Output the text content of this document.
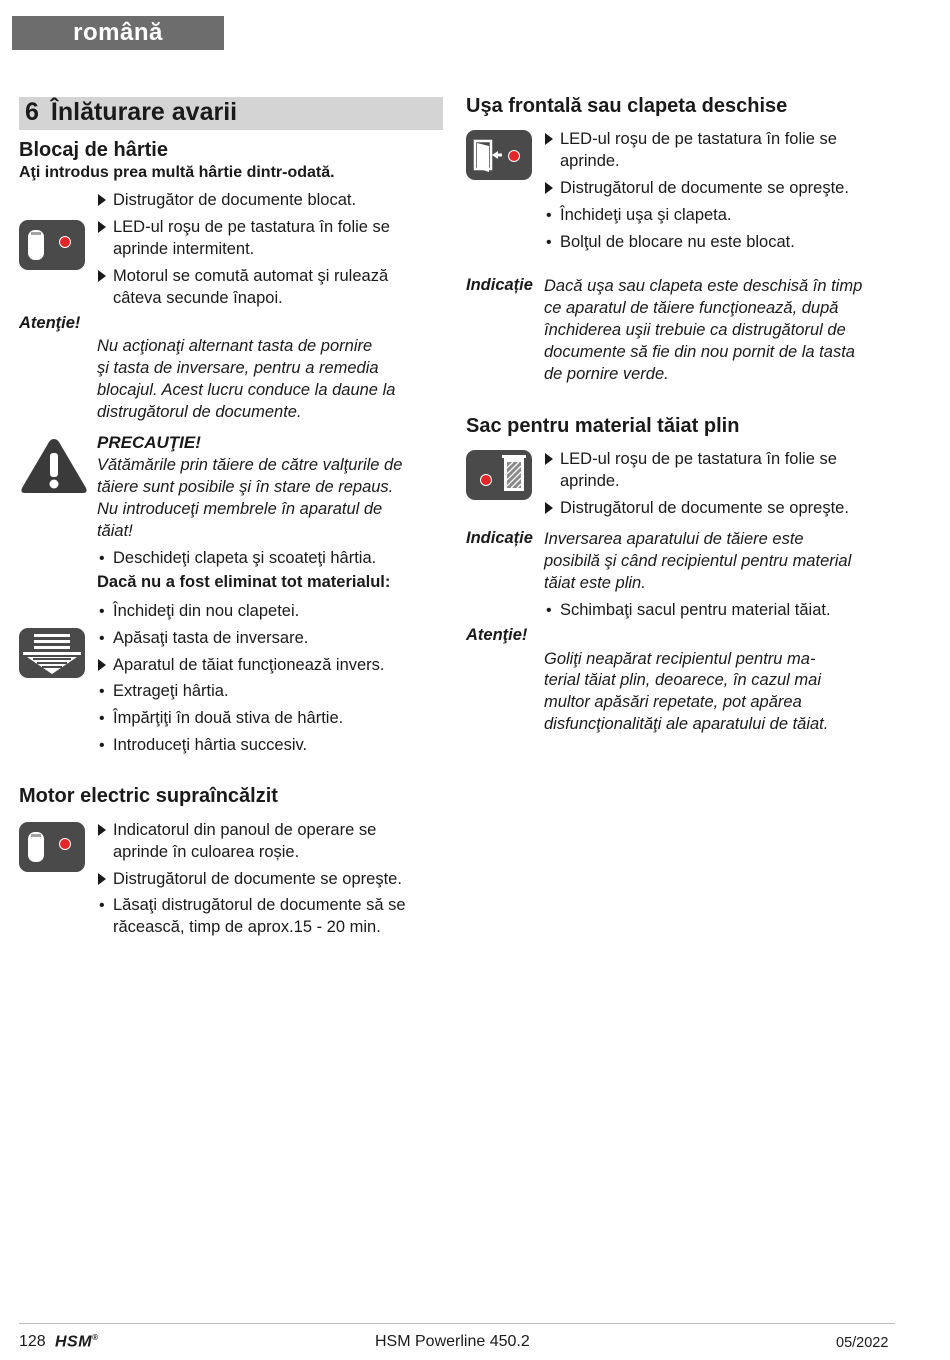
română
6 Înlăturare avarii
Blocaj de hârtie
Aţi introdus prea multă hârtie dintr-odată.
Distrugător de documente blocat.
LED-ul roşu de pe tastatura în folie se
aprinde intermitent.
Motorul se comută automat şi rulează
câteva secunde înapoi.
Atenţie!
Nu acţionaţi alternant tasta de pornire
şi tasta de inversare, pentru a remedia
blocajul. Acest lucru conduce la daune la
distrugătorul de documente.
PRECAUŢIE!
Vătămările prin tăiere de către valţurile de
tăiere sunt posibile şi în stare de repaus.
Nu introduceţi membrele în aparatul de
tăiat!
• Deschideţi clapeta şi scoateţi hârtia.
Dacă nu a fost eliminat tot materialul:
• Închideţi din nou clapetei.
• Apăsaţi tasta de inversare.
Aparatul de tăiat funcţionează invers.
• Extrageţi hârtia.
• Împărţiţi în două stiva de hârtie.
• Introduceţi hârtia succesiv.
Motor electric supraîncălzit
Indicatorul din panoul de operare se
aprinde în culoarea roșie.
Distrugătorul de documente se opreşte.
• Lăsaţi distrugătorul de documente să se
răcească, timp de aprox.15 - 20 min.
Uşa frontală sau clapeta deschise
LED-ul roşu de pe tastatura în folie se
aprinde.
Distrugătorul de documente se opreşte.
• Închideţi uşa şi clapeta.
• Bolţul de blocare nu este blocat.
Indicație Dacă uşa sau clapeta este deschisă în timp
ce aparatul de tăiere funcţionează, după
închiderea uşii trebuie ca distrugătorul de
documente să fie din nou pornit de la tasta
de pornire verde.
Sac pentru material tăiat plin
LED-ul roşu de pe tastatura în folie se
aprinde.
Distrugătorul de documente se opreşte.
Indicație Inversarea aparatului de tăiere este
posibilă şi când recipientul pentru material
tăiat este plin.
• Schimbaţi sacul pentru material tăiat.
Atenţie!
Goliţi neapărat recipientul pentru ma-
terial tăiat plin, deoarece, în cazul mai
multor apăsări repetate, pot apărea
disfuncţionalităţi ale aparatului de tăiat.
128 HSM®	HSM Powerline 450.2	05/2022
